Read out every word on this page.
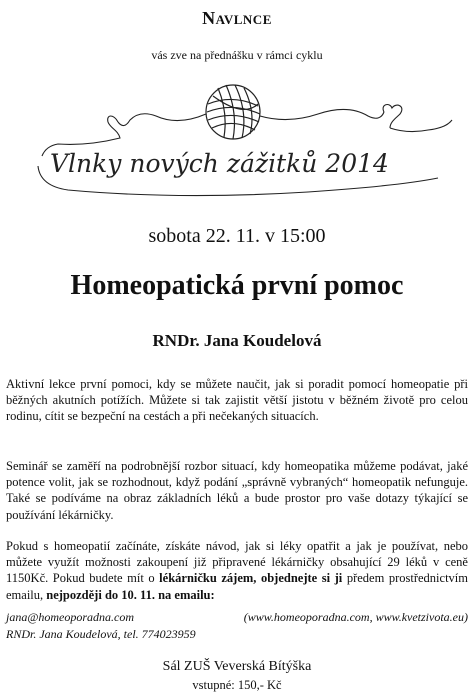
Navlnce
vás zve na přednášku v rámci cyklu
Vlnky nových zážitků 2014
sobota 22. 11. v 15:00
Homeopatická první pomoc
RNDr. Jana Koudelová

Aktivní lekce první pomoci, kdy se můžete naučit, jak si poradit pomocí homeopatie při běžných akutních potížích. Můžete si tak zajistit větší jistotu v běžném životě pro celou rodinu, cítit se bezpeční na cestách a při nečekaných situacích.

Seminář se zaměří na podrobnější rozbor situací, kdy homeopatika můžeme podávat, jaké potence volit, jak se rozhodnout, když podání „správně vybraných“ homeopatik nefunguje. Také se podíváme na obraz základních léků a bude prostor pro vaše dotazy týkající se používání lékárničky.

Pokud s homeopatií začínáte, získáte návod, jak si léky opatřit a jak je používat, nebo můžete využít možnosti zakoupení již připravené lékárničky obsahující 29 léků v ceně 1150Kč. Pokud budete mít o lékárničku zájem, objednejte si ji předem prostřednictvím emailu, nejpozději do 10. 11. na emailu:

jana@homeoporadna.com	(www.homeoporadna.com, www.kvetzivota.eu)
RNDr. Jana Koudelová, tel. 774023959
Sál ZUŠ Veverská Bítýška
vstupné: 150,- Kč
